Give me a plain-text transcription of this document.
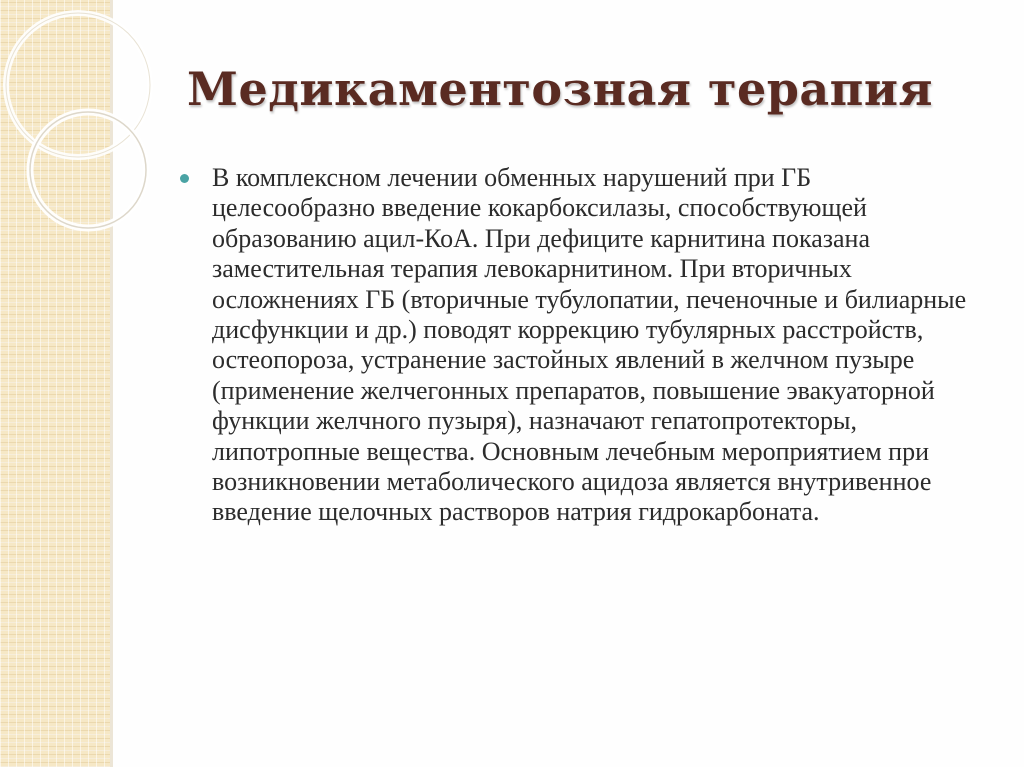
Медикаментозная терапия
В комплексном лечении обменных нарушений при ГБ целесообразно введение кокарбоксилазы, способствующей образованию ацил-КоА. При дефиците карнитина показана заместительная терапия левокарнитином. При вторичных осложнениях ГБ (вторичные тубулопатии, печеночные и билиарные дисфункции и др.) поводят коррекцию тубулярных расстройств, остеопороза, устранение застойных явлений в желчном пузыре (применение желчегонных препаратов, повышение эвакуаторной функции желчного пузыря), назначают гепатопротекторы, липотропные вещества. Основным лечебным мероприятием при возникновении метаболического ацидоза является внутривенное введение щелочных растворов натрия гидрокарбоната.
